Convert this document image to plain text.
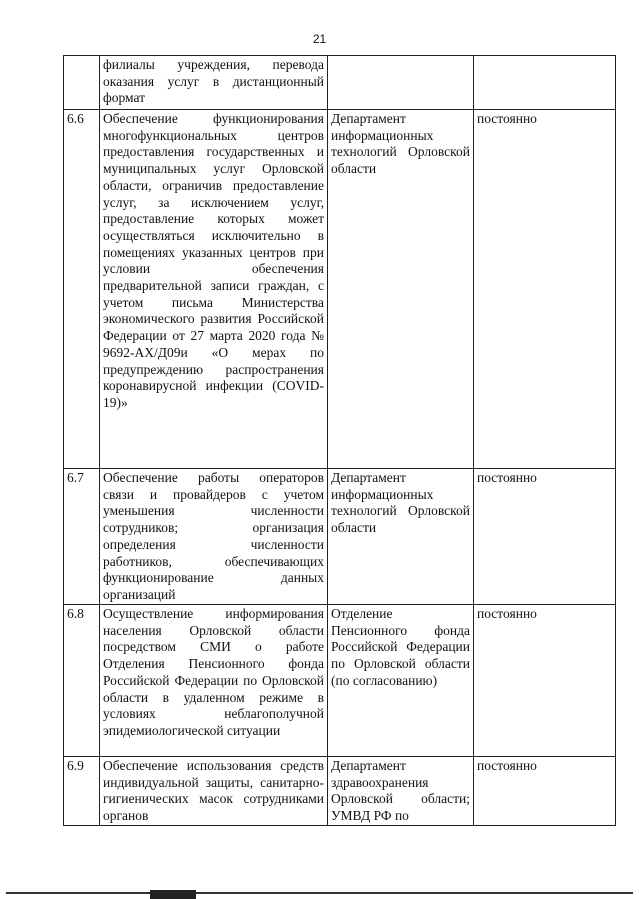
21
	филиалы учреждения, перевода оказания услуг в дистанционный формат		
6.6	Обеспечение функционирования многофункциональных центров предоставления государственных и муниципальных услуг Орловской области, ограничив предоставление услуг, за исключением услуг, предоставление которых может осуществляться исключительно в помещениях указанных центров при условии обеспечения предварительной записи граждан, с учетом письма Министерства экономического развития Российской Федерации от 27 марта 2020 года № 9692-АХ/Д09и «О мерах по предупреждению распространения коронавирусной инфекции (COVID-19)»	Департамент информационных технологий Орловской области	постоянно
6.7	Обеспечение работы операторов связи и провайдеров с учетом уменьшения численности сотрудников; организация определения численности работников, обеспечивающих функционирование данных организаций	Департамент информационных технологий Орловской области	постоянно
6.8	Осуществление информирования населения Орловской области посредством СМИ о работе Отделения Пенсионного фонда Российской Федерации по Орловской области в удаленном режиме в условиях неблагополучной эпидемиологической ситуации	Отделение Пенсионного фонда Российской Федерации по Орловской области (по согласованию)	постоянно
6.9	Обеспечение использования средств индивидуальной защиты, санитарно-гигиенических масок сотрудниками органов	Департамент здравоохранения Орловской области; УМВД РФ по	постоянно
